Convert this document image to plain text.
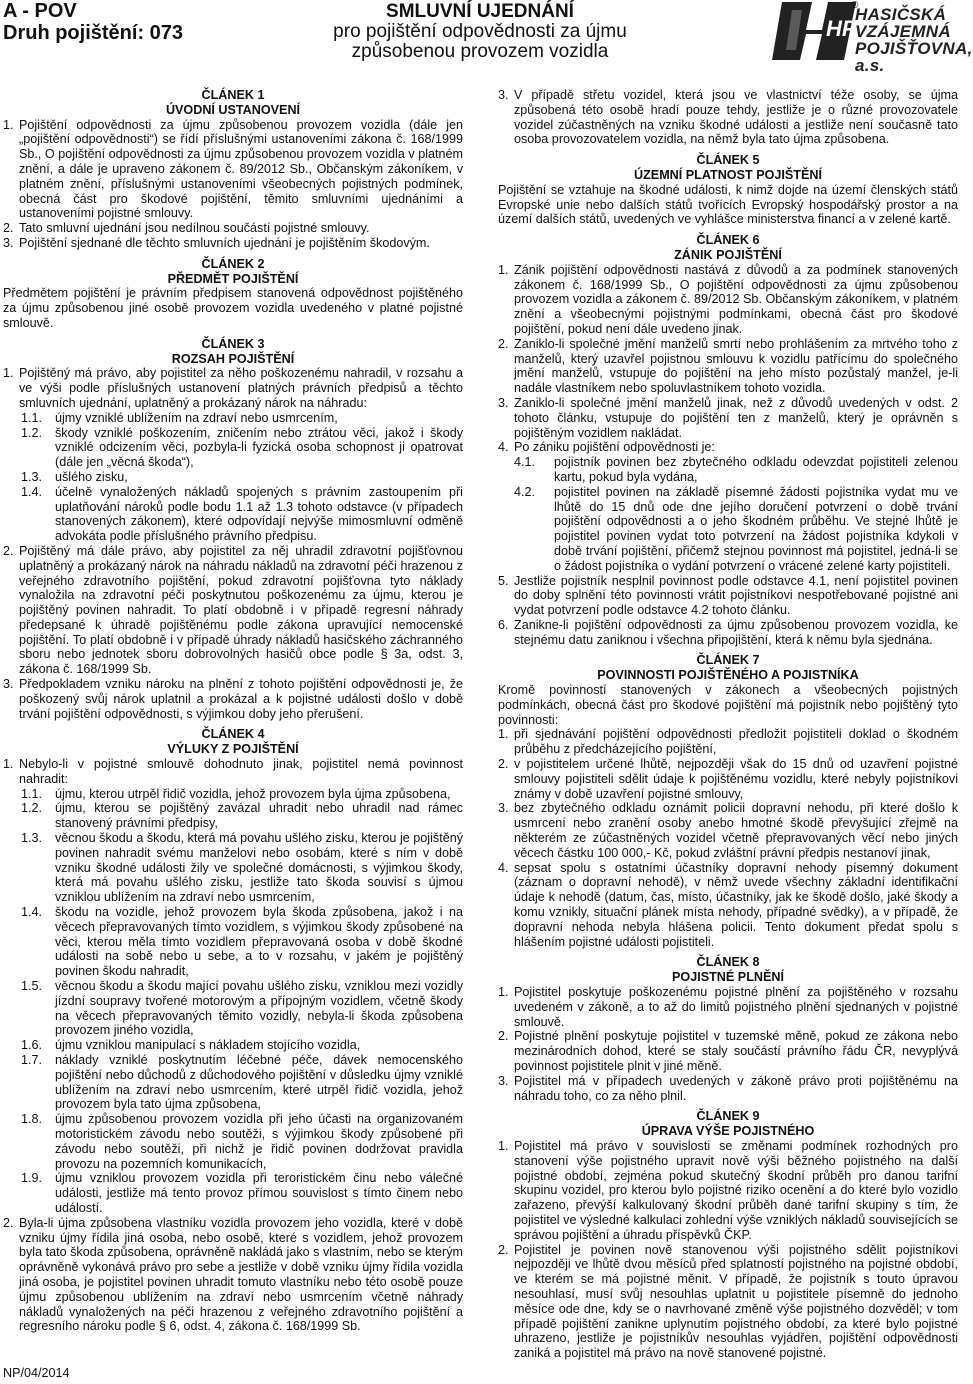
A - POV
Druh pojištění: 073
SMLUVNÍ UJEDNÁNÍ
pro pojištění odpovědnosti za újmu
způsobenou provozem vozidla
HP
®
HASIČSKÁ
VZÁJEMNÁ
POJIŠŤOVNA, a.s.

ČLÁNEK 1

ÚVODNÍ USTANOVENÍ

1. Pojištění odpovědnosti za újmu způsobenou provozem vozidla (dále jen „pojištění odpovědnosti“) se řídí příslušnými ustanoveními zákona č. 168/1999 Sb., O pojištění odpovědnosti za újmu způsobenou provozem vozidla v platném znění, a dále je upraveno zákonem č. 89/2012 Sb., Občanským zákoníkem, v platném znění, příslušnými ustanoveními všeobecných pojistných podmínek, obecná část pro škodové pojištění, těmito smluvními ujednáními a ustanoveními pojistné smlouvy.
2. Tato smluvní ujednání jsou nedílnou součástí pojistné smlouvy.
3. Pojištění sjednané dle těchto smluvních ujednání je pojištěním škodovým.

ČLÁNEK 2

PŘEDMĚT POJIŠTĚNÍ

Předmětem pojištění je právním předpisem stanovená odpovědnost pojištěného za újmu způsobenou jiné osobě provozem vozidla uvedeného v platné pojistné smlouvě.

ČLÁNEK 3

ROZSAH POJIŠTĚNÍ

1. Pojištěný má právo, aby pojistitel za něho poškozenému nahradil, v rozsahu a ve výši podle příslušných ustanovení platných právních předpisů a těchto smluvních ujednání, uplatněný a prokázaný nárok na náhradu:
1.1.	újmy vzniklé ublížením na zdraví nebo usmrcením,
1.2.	škody vzniklé poškozením, zničením nebo ztrátou věci, jakož i škody vzniklé odcizením věci, pozbyla-li fyzická osoba schopnost ji opatrovat (dále jen „věcná škoda“),
1.3.	ušlého zisku,
1.4.	účelně vynaložených nákladů spojených s právním zastoupením při uplatňování nároků podle bodu 1.1 až 1.3 tohoto odstavce (v případech stanovených zákonem), které odpovídají nejvýše mimosmluvní odměně advokáta podle příslušného právního předpisu.
2. Pojištěný má dále právo, aby pojistitel za něj uhradil zdravotní pojišťovnou uplatněný a prokázaný nárok na náhradu nákladů na zdravotní péči hrazenou z veřejného zdravotního pojištění, pokud zdravotní pojišťovna tyto náklady vynaložila na zdravotní péči poskytnutou poškozenému za újmu, kterou je pojištěný povinen nahradit. To platí obdobně i v případě regresní náhrady předepsané k úhradě pojištěnému podle zákona upravující nemocenské pojištění. To platí obdobně i v případě úhrady nákladů hasičského záchranného sboru nebo jednotek sboru dobrovolných hasičů obce podle § 3a, odst. 3, zákona č. 168/1999 Sb.
3. Předpokladem vzniku nároku na plnění z tohoto pojištění odpovědnosti je, že poškozený svůj nárok uplatnil a prokázal a k pojistné události došlo v době trvání pojištění odpovědnosti, s výjimkou doby jeho přerušení.

ČLÁNEK 4

VÝLUKY Z POJIŠTĚNÍ

1. Nebylo-li v pojistné smlouvě dohodnuto jinak, pojistitel nemá povinnost nahradit:
1.1.	újmu, kterou utrpěl řidič vozidla, jehož provozem byla újma způsobena,
1.2.	újmu, kterou se pojištěný zavázal uhradit nebo uhradil nad rámec stanovený právními předpisy,
1.3.	věcnou škodu a škodu, která má povahu ušlého zisku, kterou je pojištěný povinen nahradit svému manželovi nebo osobám, které s ním v době vzniku škodné události žily ve společné domácnosti, s výjimkou škody, která má povahu ušlého zisku, jestliže tato škoda souvisí s újmou vzniklou ublížením na zdraví nebo usmrcením,
1.4.	škodu na vozidle, jehož provozem byla škoda způsobena, jakož i na věcech přepravovaných tímto vozidlem, s výjimkou škody způsobené na věci, kterou měla tímto vozidlem přepravovaná osoba v době škodné události na sobě nebo u sebe, a to v rozsahu, v jakém je pojištěný povinen škodu nahradit,
1.5.	věcnou škodu a škodu mající povahu ušlého zisku, vzniklou mezi vozidly jízdní soupravy tvořené motorovým a přípojným vozidlem, včetně škody na věcech přepravovaných těmito vozidly, nebyla-li škoda způsobena provozem jiného vozidla,
1.6.	újmu vzniklou manipulací s nákladem stojícího vozidla,
1.7.	náklady vzniklé poskytnutím léčebné péče, dávek nemocenského pojištění nebo důchodů z důchodového pojištění v důsledku újmy vzniklé ublížením na zdraví nebo usmrcením, které utrpěl řidič vozidla, jehož provozem byla tato újma způsobena,
1.8.	újmu způsobenou provozem vozidla při jeho účasti na organizovaném motoristickém závodu nebo soutěži, s výjimkou škody způsobené při závodu nebo soutěži, při nichž je řidič povinen dodržovat pravidla provozu na pozemních komunikacích,
1.9.	újmu vzniklou provozem vozidla při teroristickém činu nebo válečné události, jestliže má tento provoz přímou souvislost s tímto činem nebo událostí.
2. Byla-li újma způsobena vlastníku vozidla provozem jeho vozidla, které v době vzniku újmy řídila jiná osoba, nebo osobě, které s vozidlem, jehož provozem byla tato škoda způsobena, oprávněně nakládá jako s vlastním, nebo se kterým oprávněně vykonává právo pro sebe a jestliže v době vzniku újmy řídila vozidla jiná osoba, je pojistitel povinen uhradit tomuto vlastníku nebo této osobě pouze újmu způsobenou ublížením na zdraví nebo usmrcením včetně náhrady nákladů vynaložených na péči hrazenou z veřejného zdravotního pojištění a regresního nároku podle § 6, odst. 4, zákona č. 168/1999 Sb.
3. V případě střetu vozidel, která jsou ve vlastnictví téže osoby, se újma způsobená této osobě hradí pouze tehdy, jestliže je o různé provozovatele vozidel zúčastněných na vzniku škodné události a jestliže není současně tato osoba provozovatelem vozidla, na němž byla tato újma způsobena.

ČLÁNEK 5

ÚZEMNÍ PLATNOST POJIŠTĚNÍ

Pojištění se vztahuje na škodné události, k nimž dojde na území členských států Evropské unie nebo dalších států tvořících Evropský hospodářský prostor a na území dalších států, uvedených ve vyhlášce ministerstva financí a v zelené kartě.

ČLÁNEK 6

ZÁNIK POJIŠTĚNÍ

1. Zánik pojištění odpovědnosti nastává z důvodů a za podmínek stanovených zákonem č. 168/1999 Sb., O pojištění odpovědnosti za újmu způsobenou provozem vozidla a zákonem č. 89/2012 Sb. Občanským zákoníkem, v platném znění a všeobecnými pojistnými podmínkami, obecná část pro škodové pojištění, pokud není dále uvedeno jinak.
2. Zaniklo-li společné jmění manželů smrtí nebo prohlášením za mrtvého toho z manželů, který uzavřel pojistnou smlouvu k vozidlu patřícímu do společného jmění manželů, vstupuje do pojištění na jeho místo pozůstalý manžel, je-li nadále vlastníkem nebo spoluvlastníkem tohoto vozidla.
3. Zaniklo-li společné jmění manželů jinak, než z důvodů uvedených v odst. 2 tohoto článku, vstupuje do pojištění ten z manželů, který je oprávněn s pojištěným vozidlem nakládat.
4. Po zániku pojištění odpovědnosti je:
4.1.	pojistník povinen bez zbytečného odkladu odevzdat pojistiteli zelenou kartu, pokud byla vydána,
4.2.	pojistitel povinen na základě písemné žádosti pojistníka vydat mu ve lhůtě do 15 dnů ode dne jejího doručení potvrzení o době trvání pojištění odpovědnosti a o jeho škodném průběhu. Ve stejné lhůtě je pojistitel povinen vydat toto potvrzení na žádost pojistníka kdykoli v době trvání pojištění, přičemž stejnou povinnost má pojistitel, jedná-li se o žádost pojistníka o vydání potvrzení o vrácené zelené karty pojistiteli.
5. Jestliže pojistník nesplnil povinnost podle odstavce 4.1, není pojistitel povinen do doby splnění této povinnosti vrátit pojistníkovi nespotřebované pojistné ani vydat potvrzení podle odstavce 4.2 tohoto článku.
6. Zanikne-li pojištění odpovědnosti za újmu způsobenou provozem vozidla, ke stejnému datu zaniknou i všechna připojištění, která k němu byla sjednána.

ČLÁNEK 7

POVINNOSTI POJIŠTĚNÉHO A POJISTNÍKA

Kromě povinností stanovených v zákonech a všeobecných pojistných podmínkách, obecná část pro škodové pojištění má pojistník nebo pojištěný tyto povinnosti:

1. při sjednávání pojištění odpovědnosti předložit pojistiteli doklad o škodném průběhu z předcházejícího pojištění,
2. v pojistitelem určené lhůtě, nejpozději však do 15 dnů od uzavření pojistné smlouvy pojistiteli sdělit údaje k pojištěnému vozidlu, které nebyly pojistníkovi známy v době uzavření pojistné smlouvy,
3. bez zbytečného odkladu oznámit policii dopravní nehodu, při které došlo k usmrcení nebo zranění osoby anebo hmotné škodě převyšující zřejmě na některém ze zúčastněných vozidel včetně přepravovaných věcí nebo jiných věcech částku 100 000,- Kč, pokud zvláštní právní předpis nestanoví jinak,
4. sepsat spolu s ostatními účastníky dopravní nehody písemný dokument (záznam o dopravní nehodě), v němž uvede všechny základní identifikační údaje k nehodě (datum, čas, místo, účastníky, jak ke škodě došlo, jaké škody a komu vznikly, situační plánek místa nehody, případné svědky), a v případě, že dopravní nehoda nebyla hlášena policii. Tento dokument předat spolu s hlášením pojistné události pojistiteli.

ČLÁNEK 8

POJISTNÉ PLNĚNÍ

1. Pojistitel poskytuje poškozenému pojistné plnění za pojištěného v rozsahu uvedeném v zákoně, a to až do limitů pojistného plnění sjednaných v pojistné smlouvě.
2. Pojistné plnění poskytuje pojistitel v tuzemské měně, pokud ze zákona nebo mezinárodních dohod, které se staly součástí právního řádu ČR, nevyplývá povinnost pojistitele plnit v jiné měně.
3. Pojistitel má v případech uvedených v zákoně právo proti pojištěnému na náhradu toho, co za něho plnil.

ČLÁNEK 9

ÚPRAVA VÝŠE POJISTNÉHO

1. Pojistitel má právo v souvislosti se změnami podmínek rozhodných pro stanovení výše pojistného upravit nově výši běžného pojistného na další pojistné období, zejména pokud skutečný škodní průběh pro danou tarifní skupinu vozidel, pro kterou bylo pojistné riziko ocenění a do které bylo vozidlo zařazeno, převýší kalkulovaný škodní průběh dané tarifní skupiny s tím, že pojistitel ve výsledné kalkulaci zohlední výše vzniklých nákladů souvisejících se správou pojištění a úhradu příspěvků ČKP.
2. Pojistitel je povinen nově stanovenou výši pojistného sdělit pojistníkovi nejpozději ve lhůtě dvou měsíců před splatností pojistného na pojistné období, ve kterém se má pojistné měnit. V případě, že pojistník s touto úpravou nesouhlasí, musí svůj nesouhlas uplatnit u pojistitele písemně do jednoho měsíce ode dne, kdy se o navrhované změně výše pojistného dozvěděl; v tom případě pojištění zanikne uplynutím pojistného období, za které bylo pojistné uhrazeno, jestliže je pojistníkův nesouhlas vyjádřen, pojištění odpovědnosti zaniká a pojistitel má právo na nově stanovené pojistné.
NP/04/2014
